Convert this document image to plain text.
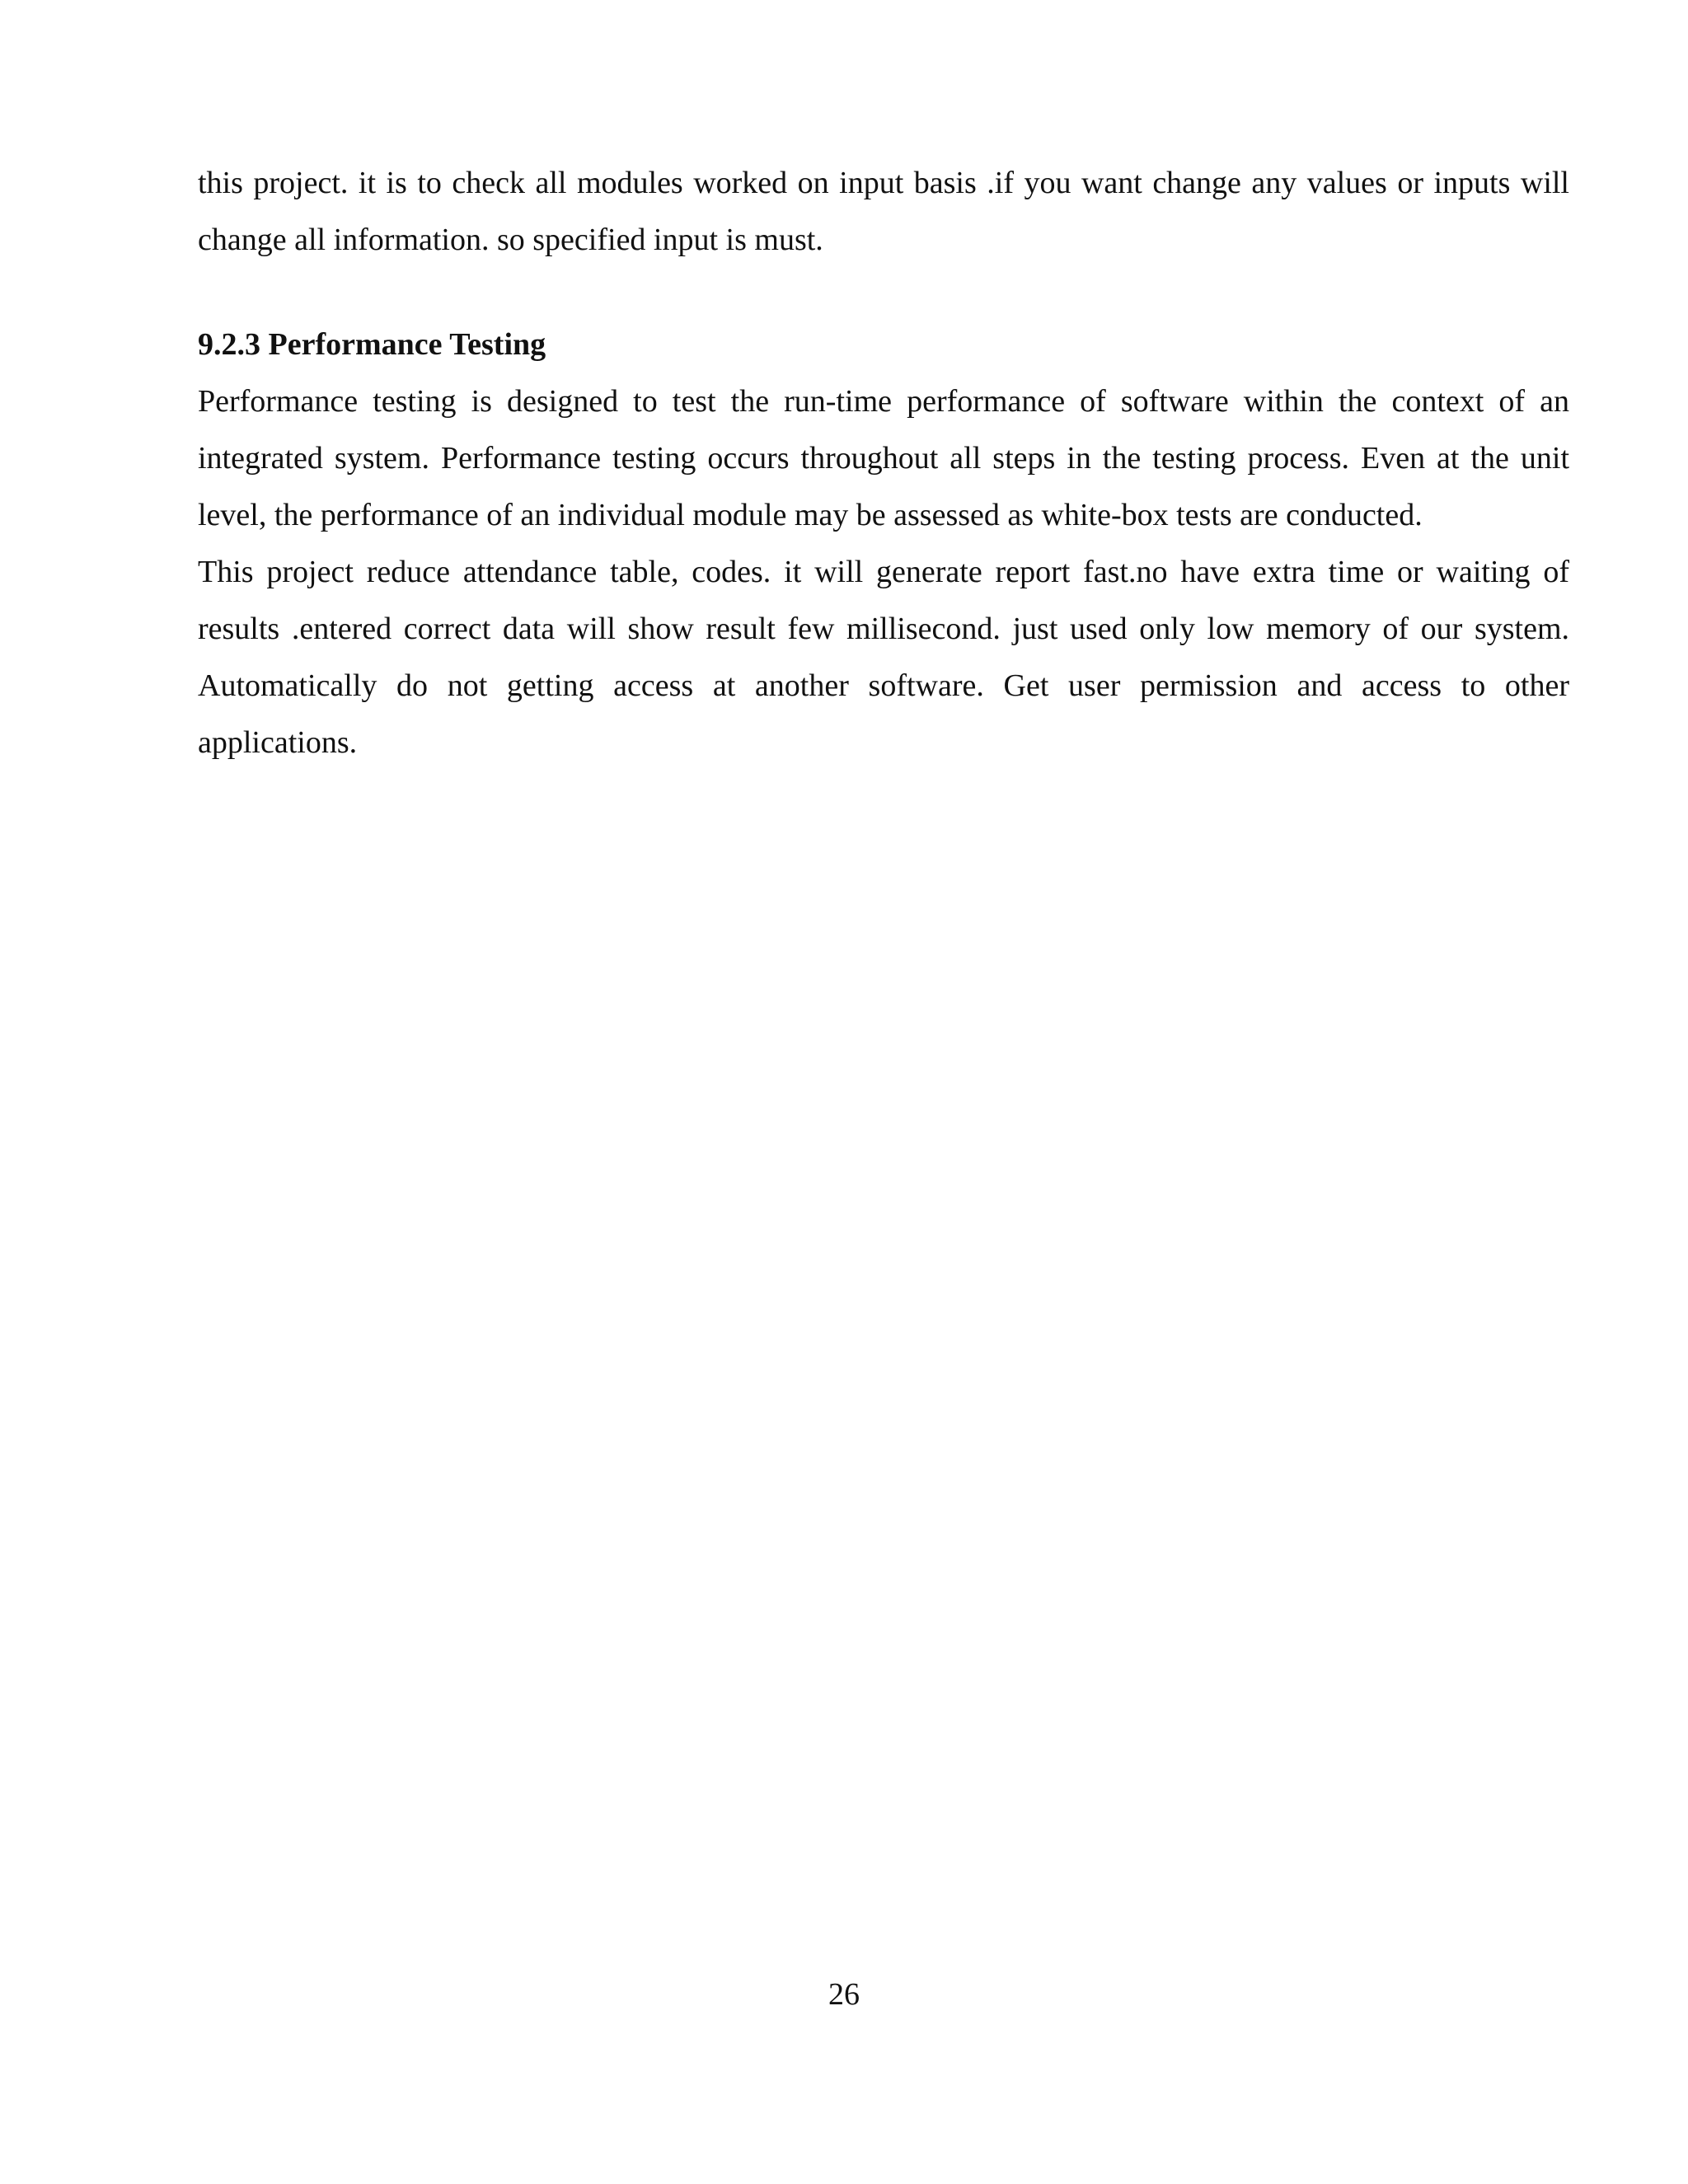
this project. it is to check all modules worked on input basis .if you want change any values or inputs will change all information. so specified input is must.

9.2.3 Performance Testing

Performance testing is designed to test the run-time performance of software within the context of an integrated system. Performance testing occurs throughout all steps in the testing process. Even at the unit level, the performance of an individual module may be assessed as white-box tests are conducted.

This project reduce attendance table, codes. it will generate report fast.no have extra time or waiting of results .entered correct data will show result few millisecond. just used only low memory of our system. Automatically do not getting access at another software. Get user permission and access to other applications.

26
